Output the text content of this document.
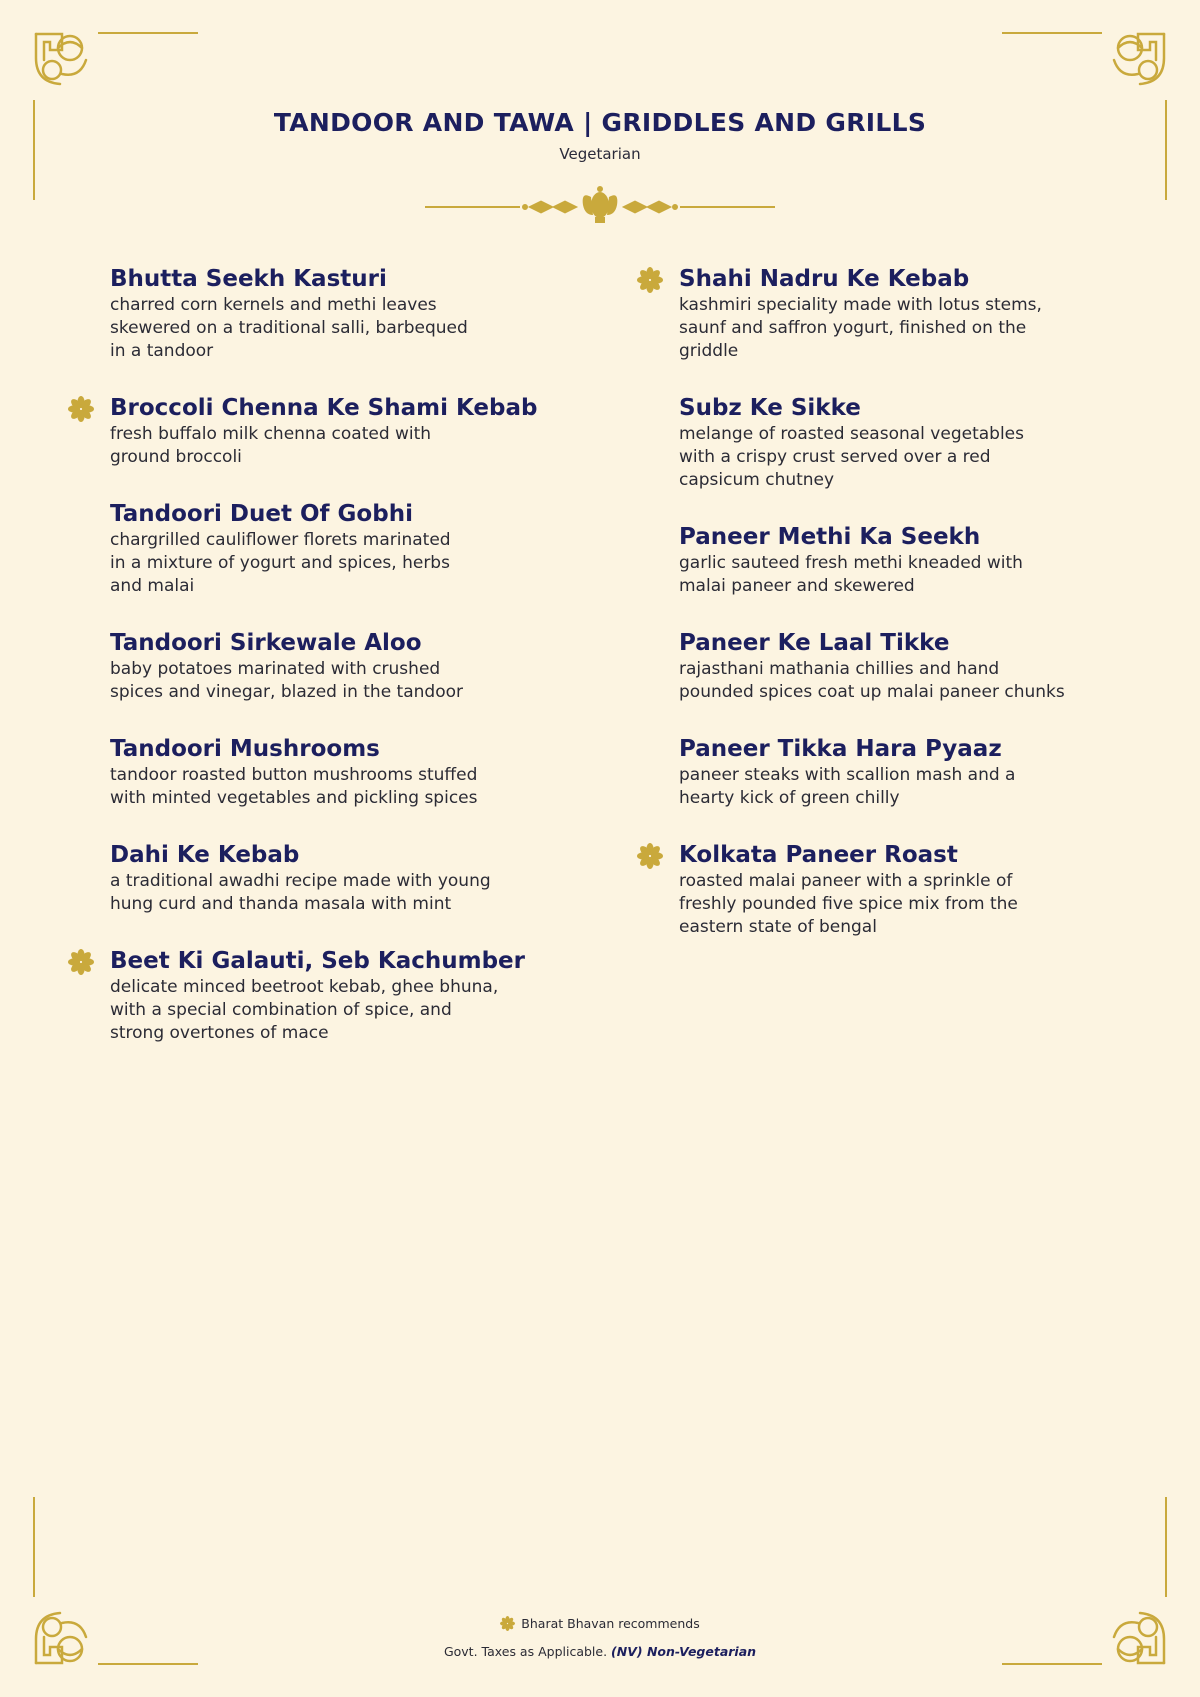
TANDOOR AND TAWA | GRIDDLES AND GRILLS
Vegetarian
Bhutta Seekh Kasturi
charred corn kernels and methi leaves
skewered on a traditional salli, barbequed
in a tandoor
Broccoli Chenna Ke Shami Kebab
fresh buffalo milk chenna coated with
ground broccoli
Tandoori Duet Of Gobhi
chargrilled cauliflower florets marinated
in a mixture of yogurt and spices, herbs
and malai
Tandoori Sirkewale Aloo
baby potatoes marinated with crushed
spices and vinegar, blazed in the tandoor
Tandoori Mushrooms
tandoor roasted button mushrooms stuffed
with minted vegetables and pickling spices
Dahi Ke Kebab
a traditional awadhi recipe made with young
hung curd and thanda masala with mint
Beet Ki Galauti, Seb Kachumber
delicate minced beetroot kebab, ghee bhuna,
with a special combination of spice, and
strong overtones of mace
Shahi Nadru Ke Kebab
kashmiri speciality made with lotus stems,
saunf and saffron yogurt, finished on the
griddle
Subz Ke Sikke
melange of roasted seasonal vegetables
with a crispy crust served over a red
capsicum chutney
Paneer Methi Ka Seekh
garlic sauteed fresh methi kneaded with
malai paneer and skewered
Paneer Ke Laal Tikke
rajasthani mathania chillies and hand
pounded spices coat up malai paneer chunks
Paneer Tikka Hara Pyaaz
paneer steaks with scallion mash and a
hearty kick of green chilly
Kolkata Paneer Roast
roasted malai paneer with a sprinkle of
freshly pounded five spice mix from the
eastern state of bengal
Bharat Bhavan recommends
Govt. Taxes as Applicable. (NV) Non-Vegetarian
